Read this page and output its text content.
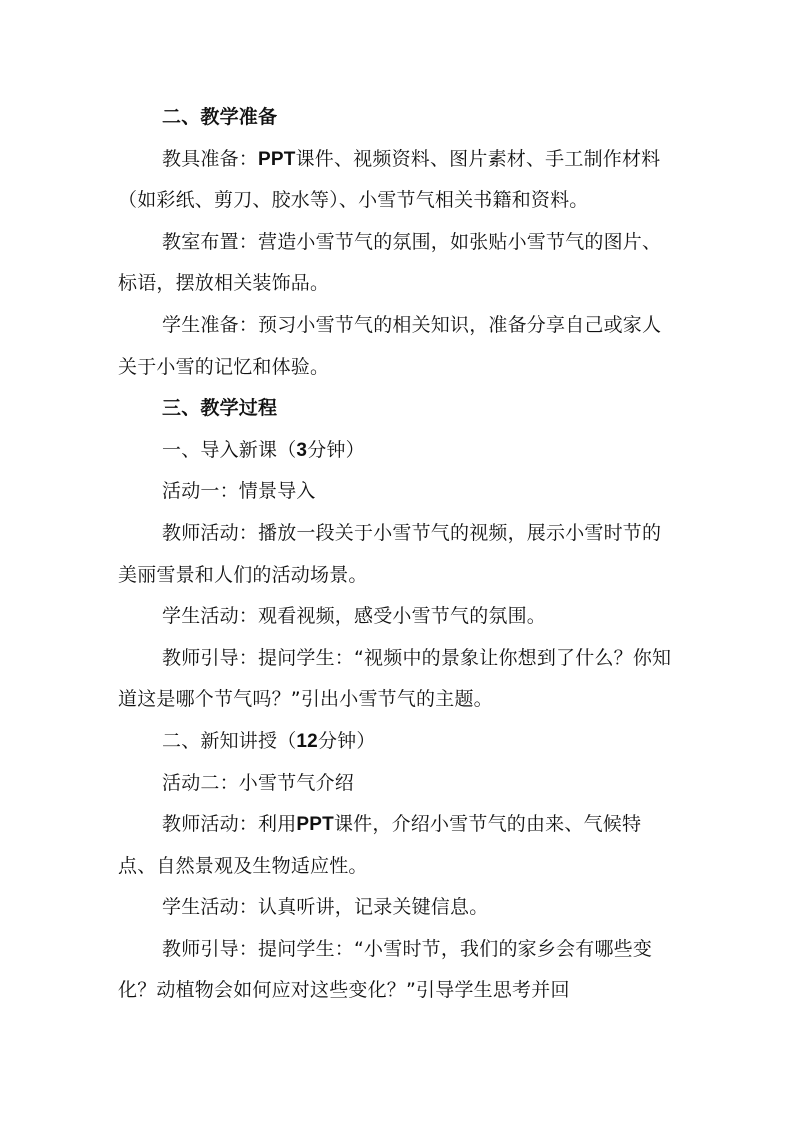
二、教学准备

教具准备：PPT课件、视频资料、图片素材、手工制作材料（如彩纸、剪刀、胶水等）、小雪节气相关书籍和资料。

教室布置：营造小雪节气的氛围，如张贴小雪节气的图片、标语，摆放相关装饰品。

学生准备：预习小雪节气的相关知识，准备分享自己或家人关于小雪的记忆和体验。

三、教学过程

一、导入新课（3分钟）

活动一：情景导入

教师活动：播放一段关于小雪节气的视频，展示小雪时节的美丽雪景和人们的活动场景。

学生活动：观看视频，感受小雪节气的氛围。

教师引导：提问学生：“视频中的景象让你想到了什么？你知道这是哪个节气吗？”引出小雪节气的主题。

二、新知讲授（12分钟）

活动二：小雪节气介绍

教师活动：利用PPT课件，介绍小雪节气的由来、气候特点、自然景观及生物适应性。

学生活动：认真听讲，记录关键信息。

教师引导：提问学生：“小雪时节，我们的家乡会有哪些变化？动植物会如何应对这些变化？”引导学生思考并回
